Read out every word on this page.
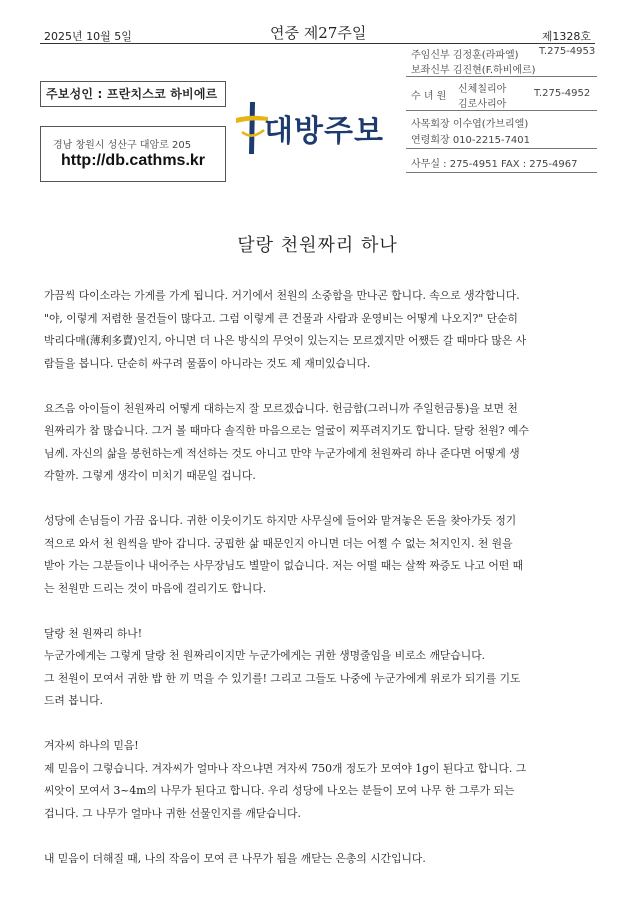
2025년 10월 5일	연중 제27주일	제1328호
주보성인 : 프란치스코 하비에르
경남 창원시 성산구 대암로 205
http://db.cathms.kr
대방주보
주임신부 김정훈(라파엘) T.275-4953
보좌신부 김진현(F.하비에르)
수 녀 원
신체칠리아
김로사리아
T.275-4952
사목회장 이수엽(가브리엘)
연령회장 010-2215-7401
사무실 : 275-4951 FAX : 275-4967
달랑 천원짜리 하나

가끔씩 다이소라는 가게를 가게 됩니다. 거기에서 천원의 소중함을 만나곤 합니다. 속으로 생각합니다.

"야, 이렇게 저렴한 물건들이 많다고. 그럼 이렇게 큰 건물과 사람과 운영비는 어떻게 나오지?" 단순히

박리다매(薄利多賣)인지, 아니면 더 나은 방식의 무엇이 있는지는 모르겠지만 어쨌든 갈 때마다 많은 사

람들을 봅니다. 단순히 싸구려 물품이 아니라는 것도 제 재미있습니다.

요즈음 아이들이 천원짜리 어떻게 대하는지 잘 모르겠습니다. 헌금함(그러니까 주일헌금통)을 보면 천

원짜리가 참 많습니다. 그거 볼 때마다 솔직한 마음으로는 얼굴이 찌푸려지기도 합니다. 달랑 천원? 예수

님께. 자신의 삶을 봉헌하는게 적선하는 것도 아니고 만약 누군가에게 천원짜리 하나 준다면 어떻게 생

각할까. 그렇게 생각이 미치기 때문일 겁니다.

성당에 손님들이 가끔 옵니다. 귀한 이웃이기도 하지만 사무실에 들어와 맡겨놓은 돈을 찾아가듯 정기

적으로 와서 천 원씩을 받아 갑니다. 궁핍한 삶 때문인지 아니면 더는 어쩔 수 없는 처지인지. 천 원을

받아 가는 그분들이나 내어주는 사무장님도 별말이 없습니다. 저는 어떨 때는 살짝 짜증도 나고 어떤 때

는 천원만 드리는 것이 마음에 걸리기도 합니다.

달랑 천 원짜리 하나!

누군가에게는 그렇게 달랑 천 원짜리이지만 누군가에게는 귀한 생명줄임을 비로소 깨닫습니다.

그 천원이 모여서 귀한 밥 한 끼 먹을 수 있기를! 그리고 그들도 나중에 누군가에게 위로가 되기를 기도

드려 봅니다.

겨자씨 하나의 믿음!

제 믿음이 그렇습니다. 겨자씨가 얼마나 작으냐면 겨자씨 750개 정도가 모여야 1g이 된다고 합니다. 그

씨앗이 모여서 3~4m의 나무가 된다고 합니다. 우리 성당에 나오는 분들이 모여 나무 한 그루가 되는

겁니다. 그 나무가 얼마나 귀한 선물인지를 깨닫습니다.

내 믿음이 더해질 때, 나의 작음이 모여 큰 나무가 됨을 깨닫는 은총의 시간입니다.
